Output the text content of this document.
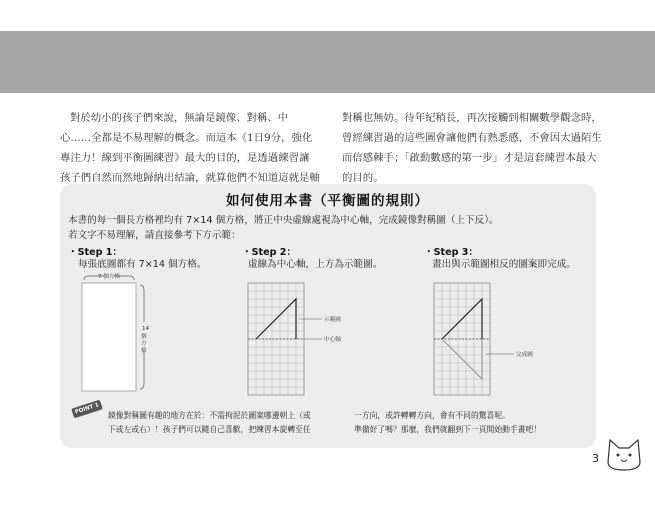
對於幼小的孩子們來說，無論是鏡像、對稱、中
心……全都是不易理解的概念。而這本《1日9分，強化
專注力！線到平衡圖練習》最大的目的，是透過練習讓
孩子們自然而然地歸納出結論，就算他們不知道這就是軸
對稱也無妨。待年紀稍長，再次接觸到相關數學觀念時，
曾經練習過的這些圖會讓他們有熟悉感，不會因太過陌生
而倍感棘手；「啟動數感的第一步」才是這套練習本最大
的目的。
如何使用本書（平衡圖的規則）
本書的每一個長方格裡均有 7×14 個方格，將正中央虛線處視為中心軸，完成鏡像對稱圖（上下反）。
若文字不易理解，請直接參考下方示範：
・Step 1：
每張底圖都有 7×14 個方格。
・Step 2：
虛線為中心軸，上方為示範圖。
・Step 3：
畫出與示範圖相反的圖案即完成。
7 個方格
14
個
方
格
示範圖
中心軸
完成圖
POINT 1	鏡像對稱圖有趣的地方在於：不需拘泥於圖案哪邊朝上（或
下或左或右）！孩子們可以隨自己喜歡，把練習本旋轉至任
一方向，或許轉轉方向，會有不同的驚喜呢。
準備好了嗎？那麼，我們就翻到下一頁開始動手畫吧！
3
